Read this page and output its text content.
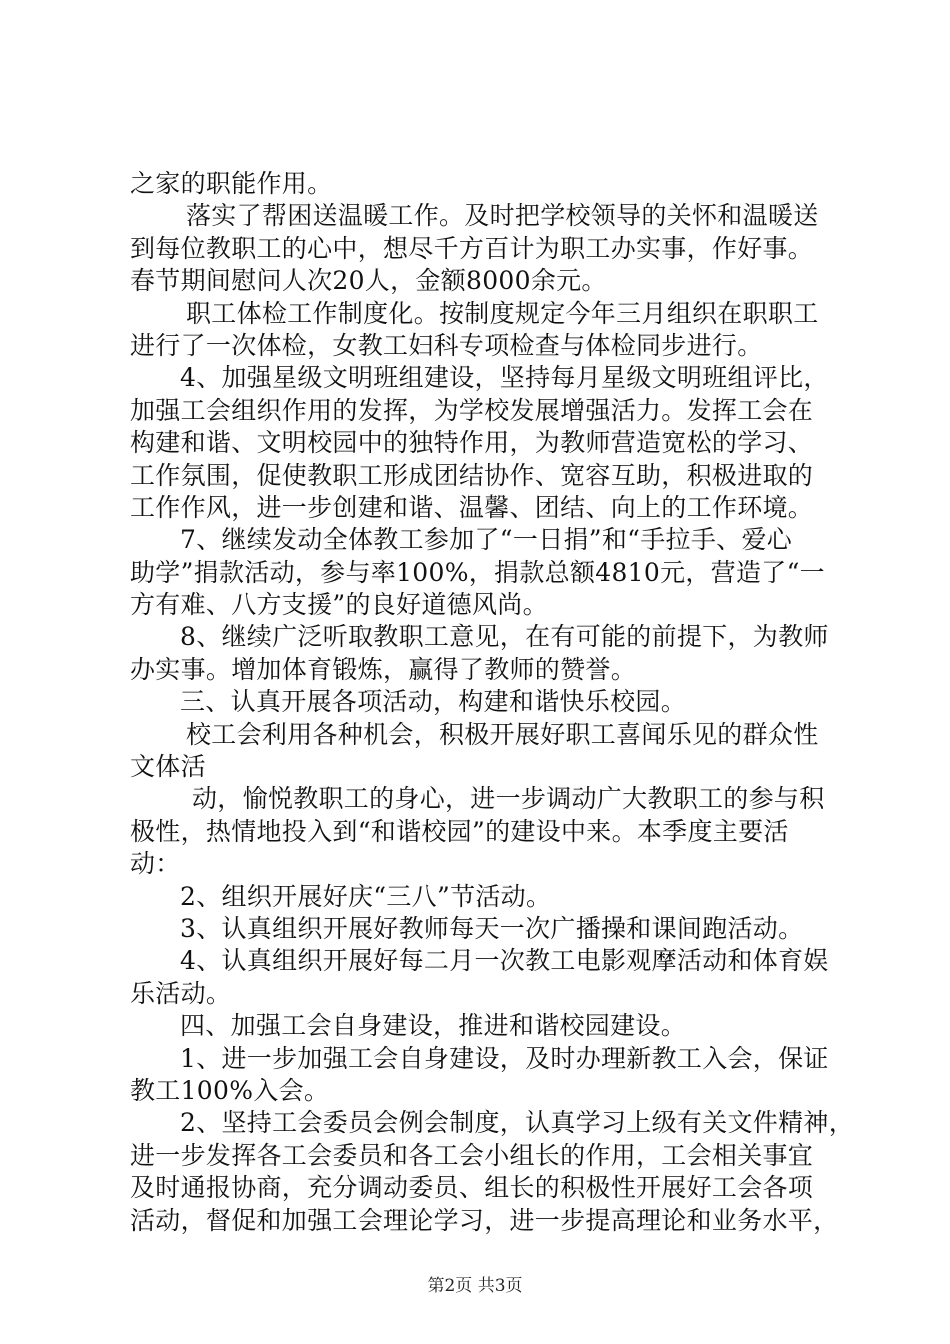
之家的职能作用。
落实了帮困送温暖工作。及时把学校领导的关怀和温暖送
到每位教职工的心中，想尽千方百计为职工办实事，作好事。
春节期间慰问人次20人，金额8000余元。
职工体检工作制度化。按制度规定今年三月组织在职职工
进行了一次体检，女教工妇科专项检查与体检同步进行。
4、加强星级文明班组建设，坚持每月星级文明班组评比，
加强工会组织作用的发挥，为学校发展增强活力。发挥工会在
构建和谐、文明校园中的独特作用，为教师营造宽松的学习、
工作氛围，促使教职工形成团结协作、宽容互助，积极进取的
工作作风，进一步创建和谐、温馨、团结、向上的工作环境。
7、继续发动全体教工参加了“一日捐”和“手拉手、爱心
助学”捐款活动，参与率100%，捐款总额4810元，营造了“一
方有难、八方支援”的良好道德风尚。
8、继续广泛听取教职工意见，在有可能的前提下，为教师
办实事。增加体育锻炼，赢得了教师的赞誉。
三、认真开展各项活动，构建和谐快乐校园。
校工会利用各种机会，积极开展好职工喜闻乐见的群众性
文体活
动，愉悦教职工的身心，进一步调动广大教职工的参与积
极性，热情地投入到“和谐校园”的建设中来。本季度主要活
动：
2、组织开展好庆“三八”节活动。
3、认真组织开展好教师每天一次广播操和课间跑活动。
4、认真组织开展好每二月一次教工电影观摩活动和体育娱
乐活动。
四、加强工会自身建设，推进和谐校园建设。
1、进一步加强工会自身建设，及时办理新教工入会，保证
教工100%入会。
2、坚持工会委员会例会制度，认真学习上级有关文件精神，
进一步发挥各工会委员和各工会小组长的作用，工会相关事宜
及时通报协商，充分调动委员、组长的积极性开展好工会各项
活动，督促和加强工会理论学习，进一步提高理论和业务水平，
第2页 共3页
